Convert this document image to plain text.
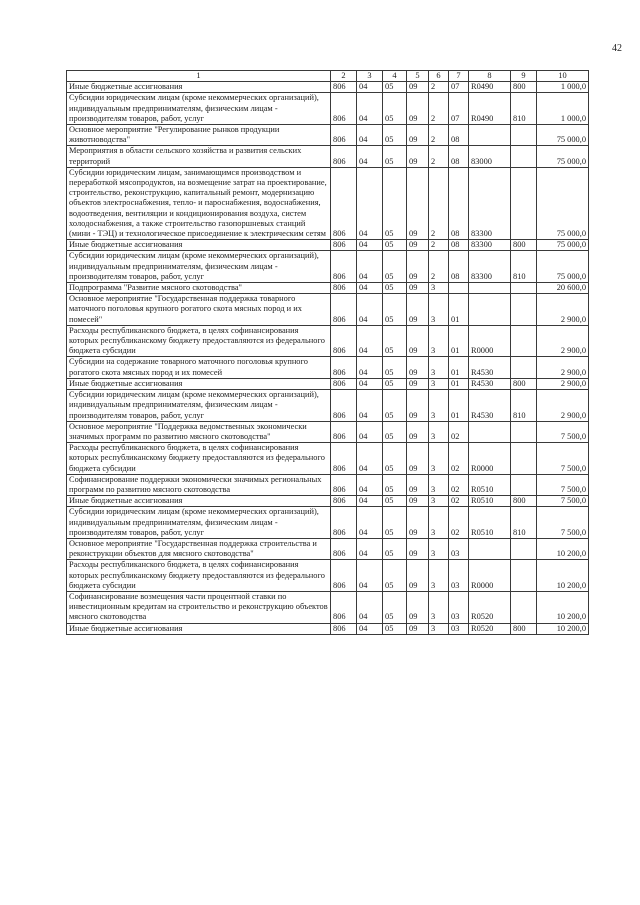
42
1	2	3	4	5	6	7	8	9	10
Иные бюджетные ассигнования	806	04	05	09	2	07	R0490	800	1 000,0
Субсидии юридическим лицам (кроме некоммерческих организаций), индивидуальным предпринимателям, физическим лицам - производителям товаров, работ, услуг	806	04	05	09	2	07	R0490	810	1 000,0
Основное мероприятие "Регулирование рынков продукции животноводства"	806	04	05	09	2	08			75 000,0
Мероприятия в области сельского хозяйства и развития сельских территорий	806	04	05	09	2	08	83000		75 000,0
Субсидии юридическим лицам, занимающимся производством и переработкой мясопродуктов, на возмещение затрат на проектирование, строительство, реконструкцию, капитальный ремонт, модернизацию объектов электроснабжения, тепло- и пароснабжения, водоснабжения, водоотведения, вентиляции и кондиционирования воздуха, систем холодоснабжения, а также строительство газопоршневых станций (мини - ТЭЦ) и технологическое присоединение к электрическим сетям	806	04	05	09	2	08	83300		75 000,0
Иные бюджетные ассигнования	806	04	05	09	2	08	83300	800	75 000,0
Субсидии юридическим лицам (кроме некоммерческих организаций), индивидуальным предпринимателям, физическим лицам - производителям товаров, работ, услуг	806	04	05	09	2	08	83300	810	75 000,0
Подпрограмма "Развитие мясного скотоводства"	806	04	05	09	3				20 600,0
Основное мероприятие "Государственная поддержка товарного маточного поголовья крупного рогатого скота мясных пород и их помесей"	806	04	05	09	3	01			2 900,0
Расходы республиканского бюджета, в целях софинансирования которых республиканскому бюджету предоставляются из федерального бюджета субсидии	806	04	05	09	3	01	R0000		2 900,0
Субсидии на содержание товарного маточного поголовья крупного рогатого скота мясных пород и их помесей	806	04	05	09	3	01	R4530		2 900,0
Иные бюджетные ассигнования	806	04	05	09	3	01	R4530	800	2 900,0
Субсидии юридическим лицам (кроме некоммерческих организаций), индивидуальным предпринимателям, физическим лицам - производителям товаров, работ, услуг	806	04	05	09	3	01	R4530	810	2 900,0
Основное мероприятие "Поддержка ведомственных экономически значимых программ по развитию мясного скотоводства"	806	04	05	09	3	02			7 500,0
Расходы республиканского бюджета, в целях софинансирования которых республиканскому бюджету предоставляются из федерального бюджета субсидии	806	04	05	09	3	02	R0000		7 500,0
Софинансирование поддержки экономически значимых региональных программ по развитию мясного скотоводства	806	04	05	09	3	02	R0510		7 500,0
Иные бюджетные ассигнования	806	04	05	09	3	02	R0510	800	7 500,0
Субсидии юридическим лицам (кроме некоммерческих организаций), индивидуальным предпринимателям, физическим лицам - производителям товаров, работ, услуг	806	04	05	09	3	02	R0510	810	7 500,0
Основное мероприятие "Государственная поддержка строительства и реконструкции объектов для мясного скотоводства"	806	04	05	09	3	03			10 200,0
Расходы республиканского бюджета, в целях софинансирования которых республиканскому бюджету предоставляются из федерального бюджета субсидии	806	04	05	09	3	03	R0000		10 200,0
Софинансирование возмещения части процентной ставки по инвестиционным кредитам на строительство и реконструкцию объектов мясного скотоводства	806	04	05	09	3	03	R0520		10 200,0
Иные бюджетные ассигнования	806	04	05	09	3	03	R0520	800	10 200,0
